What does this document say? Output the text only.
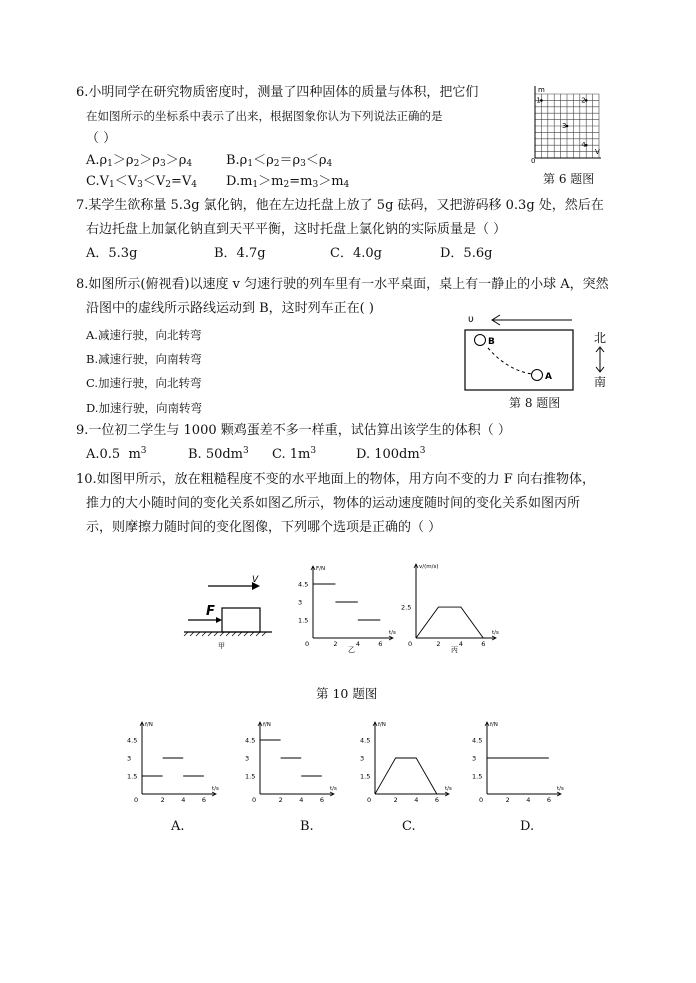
6.小明同学在研究物质密度时，测量了四种固体的质量与体积，把它们
在如图所示的坐标系中表示了出来，根据图象你认为下列说法正确的是
（ ）
$A.\rho_1>\rho_2>\rho_3>\rho_4$	$B.\rho_1<\rho_2=\rho_3<\rho_4$
$C.V_1<V_3<V_2=V_4$ $D.m_1>m_2=m_3>m_4$
0
m
V
1	2
3
4
第 6 题图
7.某学生欲称量 5.3g 氯化钠，他在左边托盘上放了 5g 砝码，又把游码移 0.3g 处，然后在
右边托盘上加氯化钠直到天平平衡，这时托盘上氯化钠的实际质量是（ ）
A．5.3g	B．4.7g	C．4.0g	D．5.6g
8.如图所示(俯视看)以速度 v 匀速行驶的列车里有一水平桌面，桌上有一静止的小球 A，突然
沿图中的虚线所示路线运动到 B，这时列车正在( )
A.减速行驶，向北转弯
B.减速行驶，向南转弯
C.加速行驶，向北转弯
D.加速行驶，向南转弯
υ
B
A
北
南
第 8 题图
9.一位初二学生与 1000 颗鸡蛋差不多一样重，试估算出该学生的体积（ ）
A.0.5  $m^3$	B. $50dm^3$ C. $1m^3$	D. $100dm^3$
10.如图甲所示，放在粗糙程度不变的水平地面上的物体，用方向不变的力 F 向右推物体，
推力的大小随时间的变化关系如图乙所示，物体的运动速度随时间的变化关系如图丙所
示，则摩擦力随时间的变化图像，下列哪个选项是正确的（ ）
V
F
甲
F/N
t/s
0	2	4	6
1.5
3
4.5
乙
v/(m/s)
t/s
0	2	4	6
2.5
丙
第 10 题图
f/N
t/s
0	2	4	6
1.5
3
4.5
f/N
t/s
0	2	4	6
1.5
3
4.5
f/N
t/s
0	2	4	6
1.5
3
4.5
f/N
t/s
0	2	4	6
1.5
3
4.5
A.	B.	C.	D.
